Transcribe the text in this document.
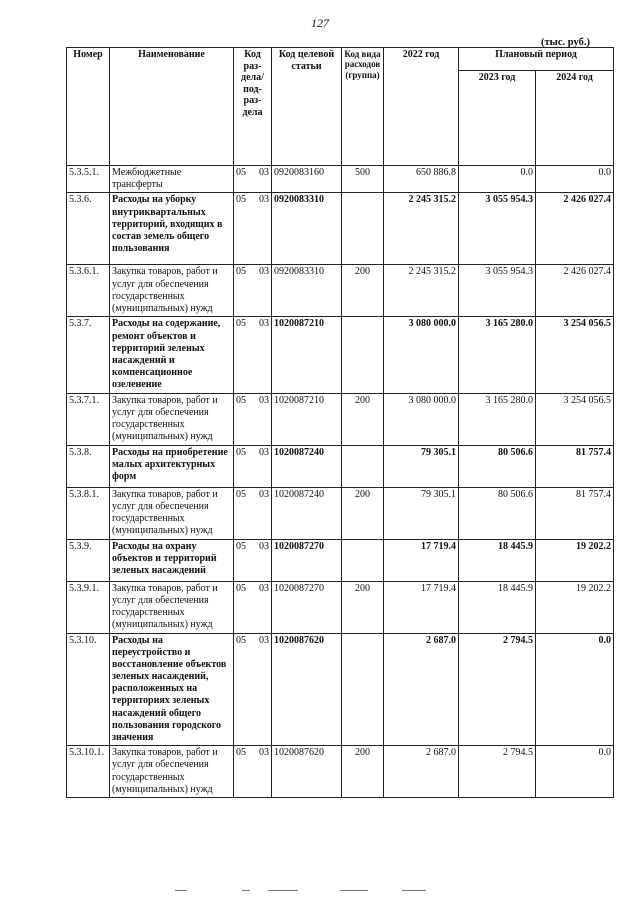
127
(тыс. руб.)
Номер	Наименование	Код раз-дела/ под-раз-дела	Код целевой статьи	Код вида расходов (группа)	2022 год	Плановый период	
						2023 год	2024 год
5.3.5.1.	Межбюджетные трансферты	05 03	0920083160	500	650 886.8	0.0	0.0
5.3.6.	Расходы на уборку внутриквартальных территорий, входящих в состав земель общего пользования	05 03	0920083310		2 245 315.2	3 055 954.3	2 426 027.4
5.3.6.1.	Закупка товаров, работ и услуг для обеспечения государственных (муниципальных) нужд	05 03	0920083310	200	2 245 315.2	3 055 954.3	2 426 027.4
5.3.7.	Расходы на содержание, ремонт объектов и территорий зеленых насаждений и компенсационное озеленение	05 03	1020087210		3 080 000.0	3 165 280.0	3 254 056.5
5.3.7.1.	Закупка товаров, работ и услуг для обеспечения государственных (муниципальных) нужд	05 03	1020087210	200	3 080 000.0	3 165 280.0	3 254 056.5
5.3.8.	Расходы на приобретение малых архитектурных форм	05 03	1020087240		79 305.1	80 506.6	81 757.4
5.3.8.1.	Закупка товаров, работ и услуг для обеспечения государственных (муниципальных) нужд	05 03	1020087240	200	79 305.1	80 506.6	81 757.4
5.3.9.	Расходы на охрану объектов и территорий зеленых насаждений	05 03	1020087270		17 719.4	18 445.9	19 202.2
5.3.9.1.	Закупка товаров, работ и услуг для обеспечения государственных (муниципальных) нужд	05 03	1020087270	200	17 719.4	18 445.9	19 202.2
5.3.10.	Расходы на переустройство и восстановление объектов зеленых насаждений, расположенных на территориях зеленых насаждений общего пользования городского значения	05 03	1020087620		2 687.0	2 794.5	0.0
5.3.10.1.	Закупка товаров, работ и услуг для обеспечения государственных (муниципальных) нужд	05 03	1020087620	200	2 687.0	2 794.5	0.0
